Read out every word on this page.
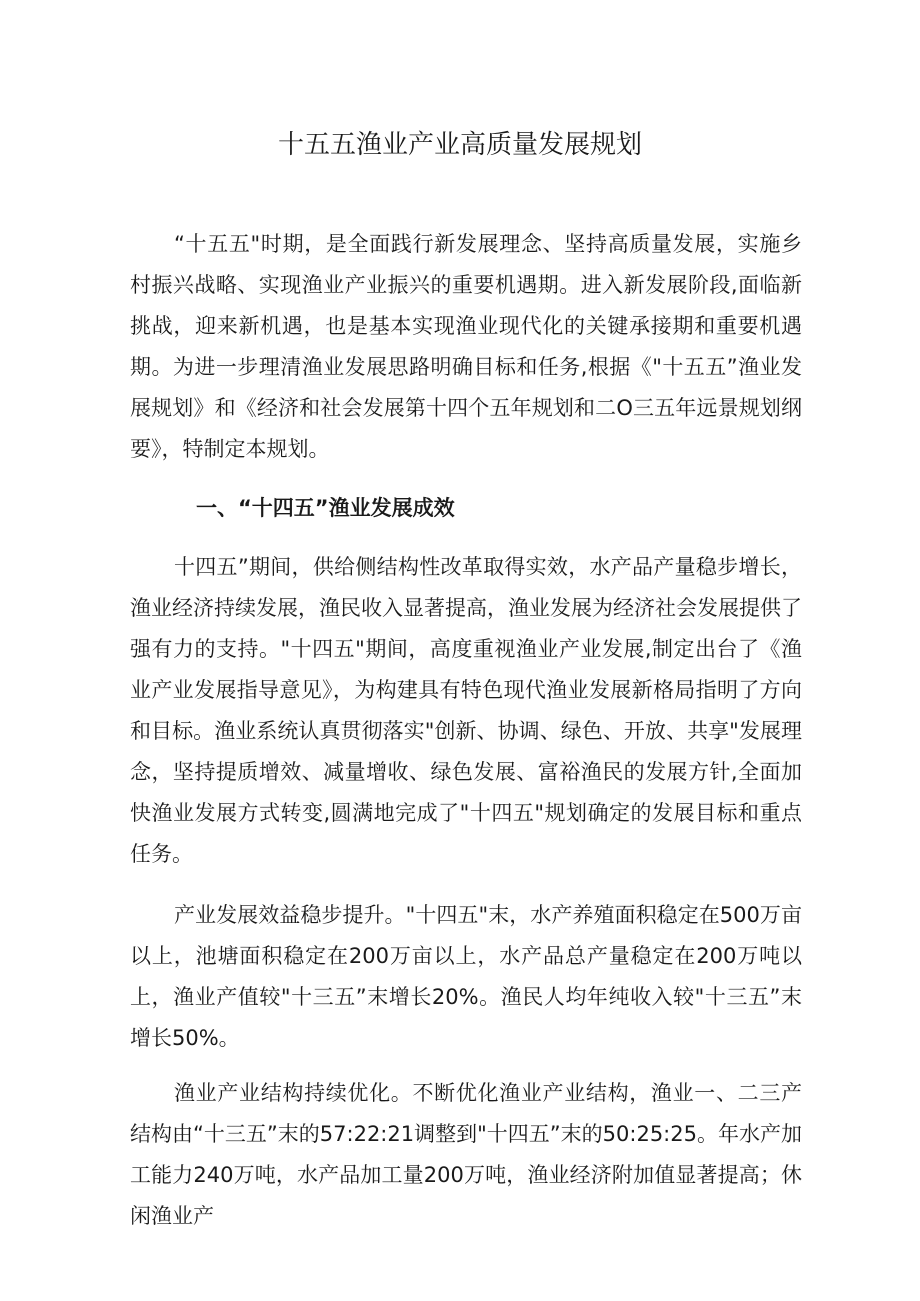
十五五渔业产业高质量发展规划

“十五五"时期，是全面践行新发展理念、坚持高质量发展，实施乡村振兴战略、实现渔业产业振兴的重要机遇期。进入新发展阶段,面临新挑战，迎来新机遇，也是基本实现渔业现代化的关键承接期和重要机遇期。为进一步理清渔业发展思路明确目标和任务,根据《"十五五”渔业发展规划》和《经济和社会发展第十四个五年规划和二O三五年远景规划纲要》，特制定本规划。

一、“十四五”渔业发展成效

十四五”期间，供给侧结构性改革取得实效，水产品产量稳步增长，渔业经济持续发展，渔民收入显著提高，渔业发展为经济社会发展提供了强有力的支持。"十四五"期间，高度重视渔业产业发展,制定出台了《渔业产业发展指导意见》，为构建具有特色现代渔业发展新格局指明了方向和目标。渔业系统认真贯彻落实"创新、协调、绿色、开放、共享"发展理念，坚持提质增效、减量增收、绿色发展、富裕渔民的发展方针,全面加快渔业发展方式转变,圆满地完成了"十四五"规划确定的发展目标和重点任务。

产业发展效益稳步提升。"十四五"末，水产养殖面积稳定在500万亩以上，池塘面积稳定在200万亩以上，水产品总产量稳定在200万吨以上，渔业产值较"十三五”末增长20%。渔民人均年纯收入较"十三五”末增长50%。

渔业产业结构持续优化。不断优化渔业产业结构，渔业一、二三产结构由“十三五”末的57:22:21调整到"十四五”末的50:25:25。年水产加工能力240万吨，水产品加工量200万吨，渔业经济附加值显著提高；休闲渔业产
